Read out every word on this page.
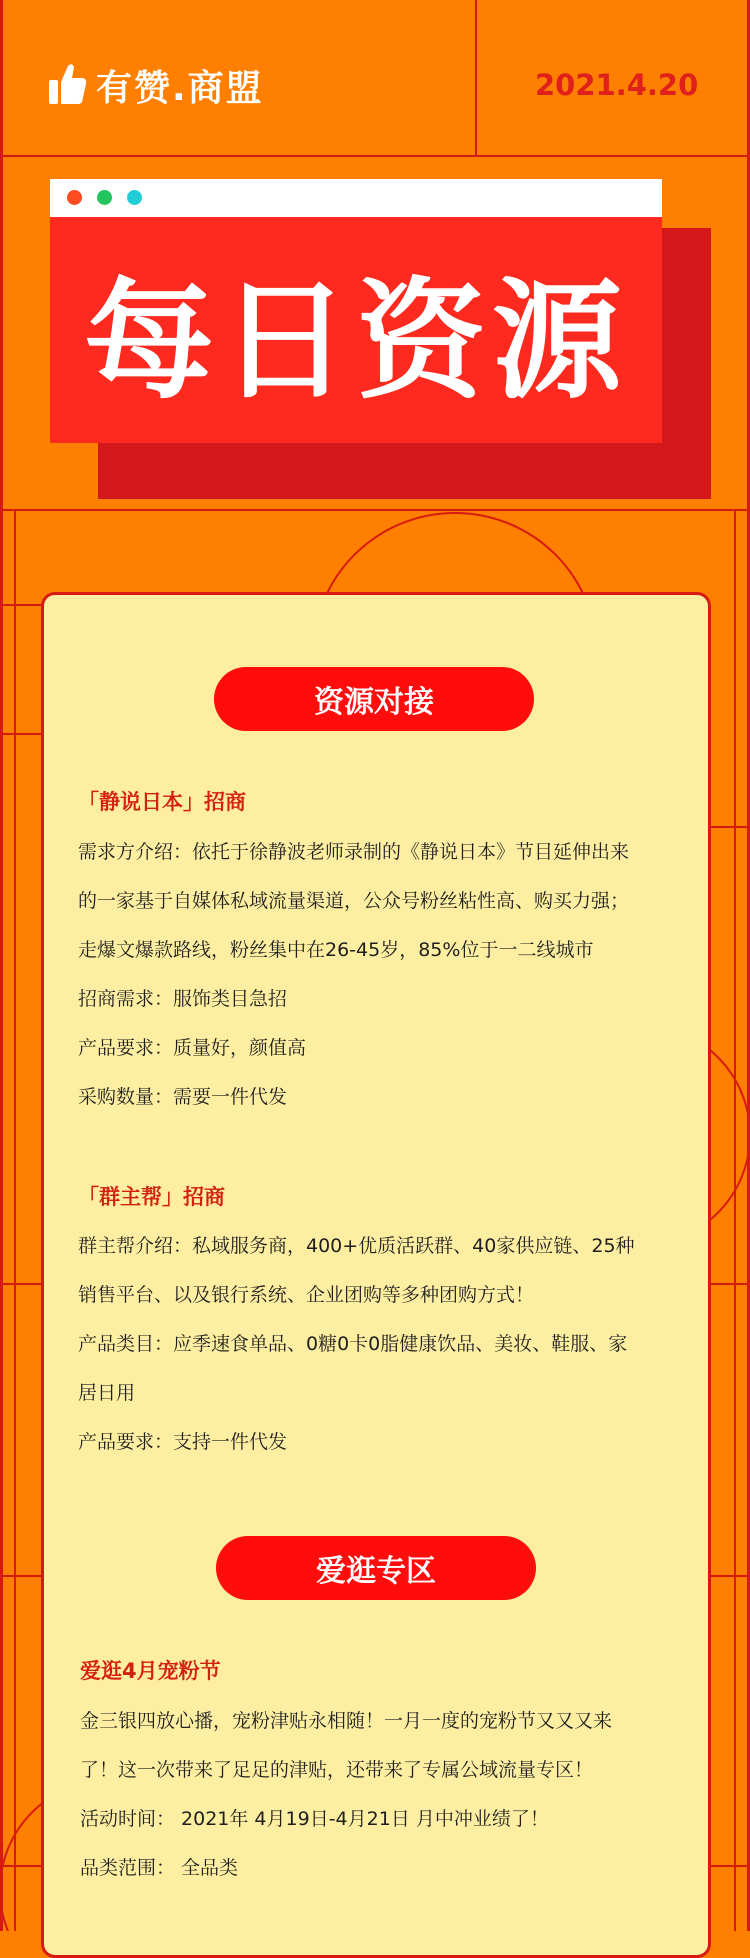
有赞.商盟	2021.4.20
每日资源
资源对接
「静说日本」招商
需求方介绍：依托于徐静波老师录制的《静说日本》节目延伸出来
的一家基于自媒体私域流量渠道，公众号粉丝粘性高、购买力强；
走爆文爆款路线，粉丝集中在26-45岁，85%位于一二线城市
招商需求：服饰类目急招
产品要求：质量好，颜值高
采购数量：需要一件代发
「群主帮」招商
群主帮介绍：私域服务商，400+优质活跃群、40家供应链、25种
销售平台、以及银行系统、企业团购等多种团购方式！
产品类目：应季速食单品、0糖0卡0脂健康饮品、美妆、鞋服、家
居日用
产品要求：支持一件代发
爱逛专区
爱逛4月宠粉节
金三银四放心播，宠粉津贴永相随！一月一度的宠粉节又又又来
了！这一次带来了足足的津贴，还带来了专属公域流量专区！
活动时间： 2021年 4月19日-4月21日 月中冲业绩了！
品类范围： 全品类
